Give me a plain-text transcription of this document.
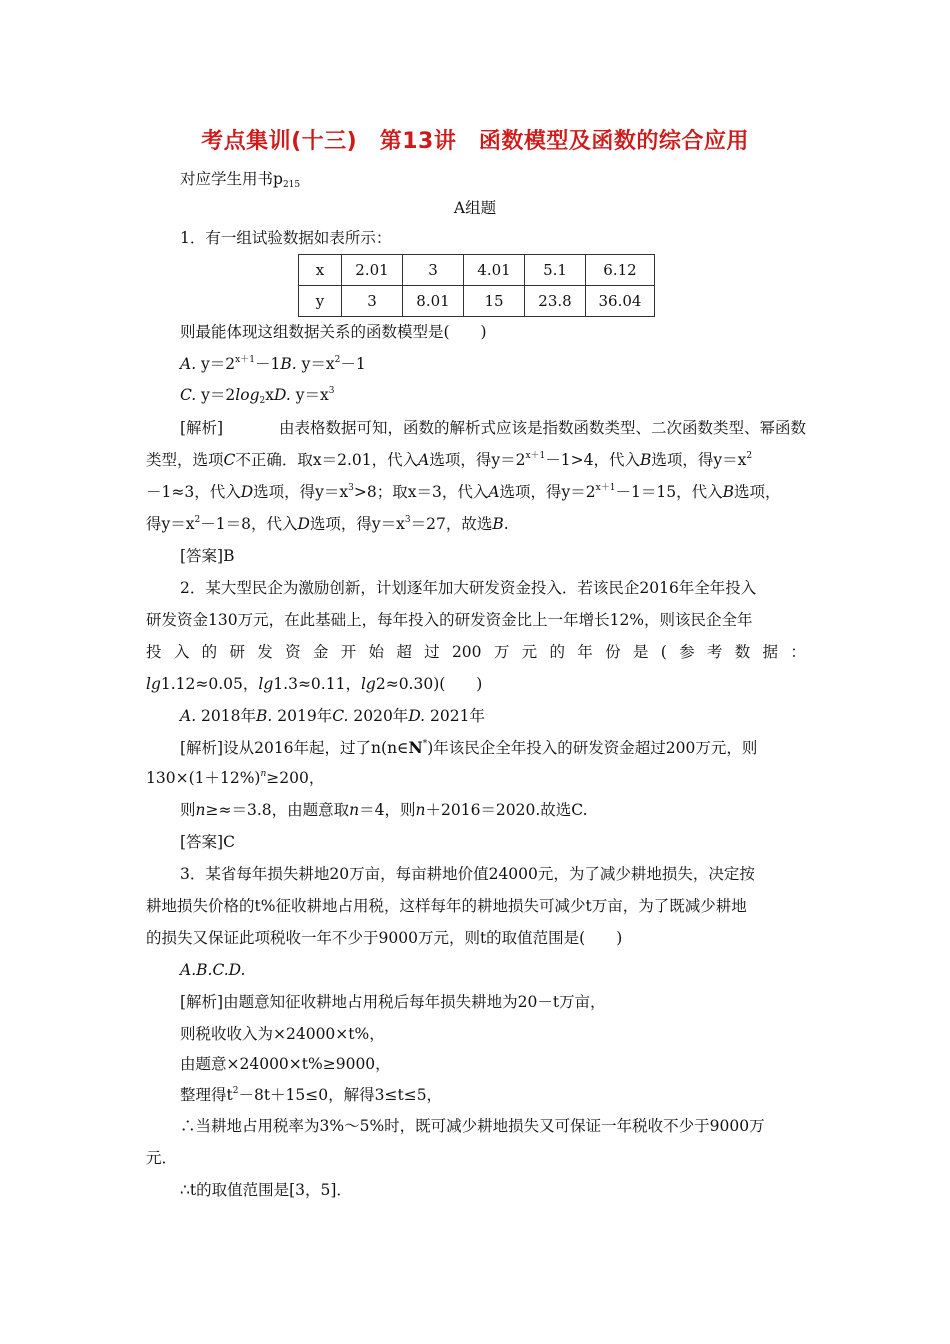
考点集训(十三)　第13讲　函数模型及函数的综合应用
对应学生用书$p_{215}$
A组题
1．有一组试验数据如表所示：
x	2.01	3	4.01	5.1	6.12
y	3	8.01	15	23.8	36.04
则最能体现这组数据关系的函数模型是(　　)
A. $y=2^{x+1}-1B$. $y=x^2-1$
C. $y=2\log_2xD$. $y=x^3$
[解析]	由表格数据可知，函数的解析式应该是指数函数类型、二次函数类型、幂函数
类型，选项C不正确．取x＝2.01，代入A选项，得$y=2^{x+1}-1>4$，代入B选项，得$y=x^2$
－1≈3，代入D选项，得$y=x^3>8$；取x＝3，代入A选项，得$y=2^{x+1}-1=15$，代入B选项，
得$y=x^2-1=8$，代入D选项，得$y=x^3=27$，故选B.
[答案]B
2．某大型民企为激励创新，计划逐年加大研发资金投入．若该民企2016年全年投入
研发资金130万元，在此基础上，每年投入的研发资金比上一年增长12%，则该民企全年
投 入 的 研 发 资 金 开 始 超 过 200 万 元 的 年 份 是 ( 参 考 数 据 ：
lg1.12≈0.05，lg1.3≈0.11，lg2≈0.30)(　　)
A. 2018年B. 2019年C. 2020年D. 2021年
[解析]设从2016年起，过了n(n∈N*)年该民企全年投入的研发资金超过200万元，则
$130\times(1+12\%)^n\ge 200$，
则n≥≈＝3.8，由题意取n＝4，则n＋2016＝2020.故选C.
[答案]C
3．某省每年损失耕地20万亩，每亩耕地价值24000元，为了减少耕地损失，决定按
耕地损失价格的t%征收耕地占用税，这样每年的耕地损失可减少t万亩，为了既减少耕地
的损失又保证此项税收一年不少于9000万元，则t的取值范围是(　　)
A.B.C.D.
[解析]由题意知征收耕地占用税后每年损失耕地为20－t万亩，
则税收收入为×24000×t%，
由题意×24000×t%≥9000，
整理得$t^2-8t+15\le 0$，解得3≤t≤5，
∴当耕地占用税率为3%～5%时，既可减少耕地损失又可保证一年税收不少于9000万
元．
∴t的取值范围是[3，5]．
